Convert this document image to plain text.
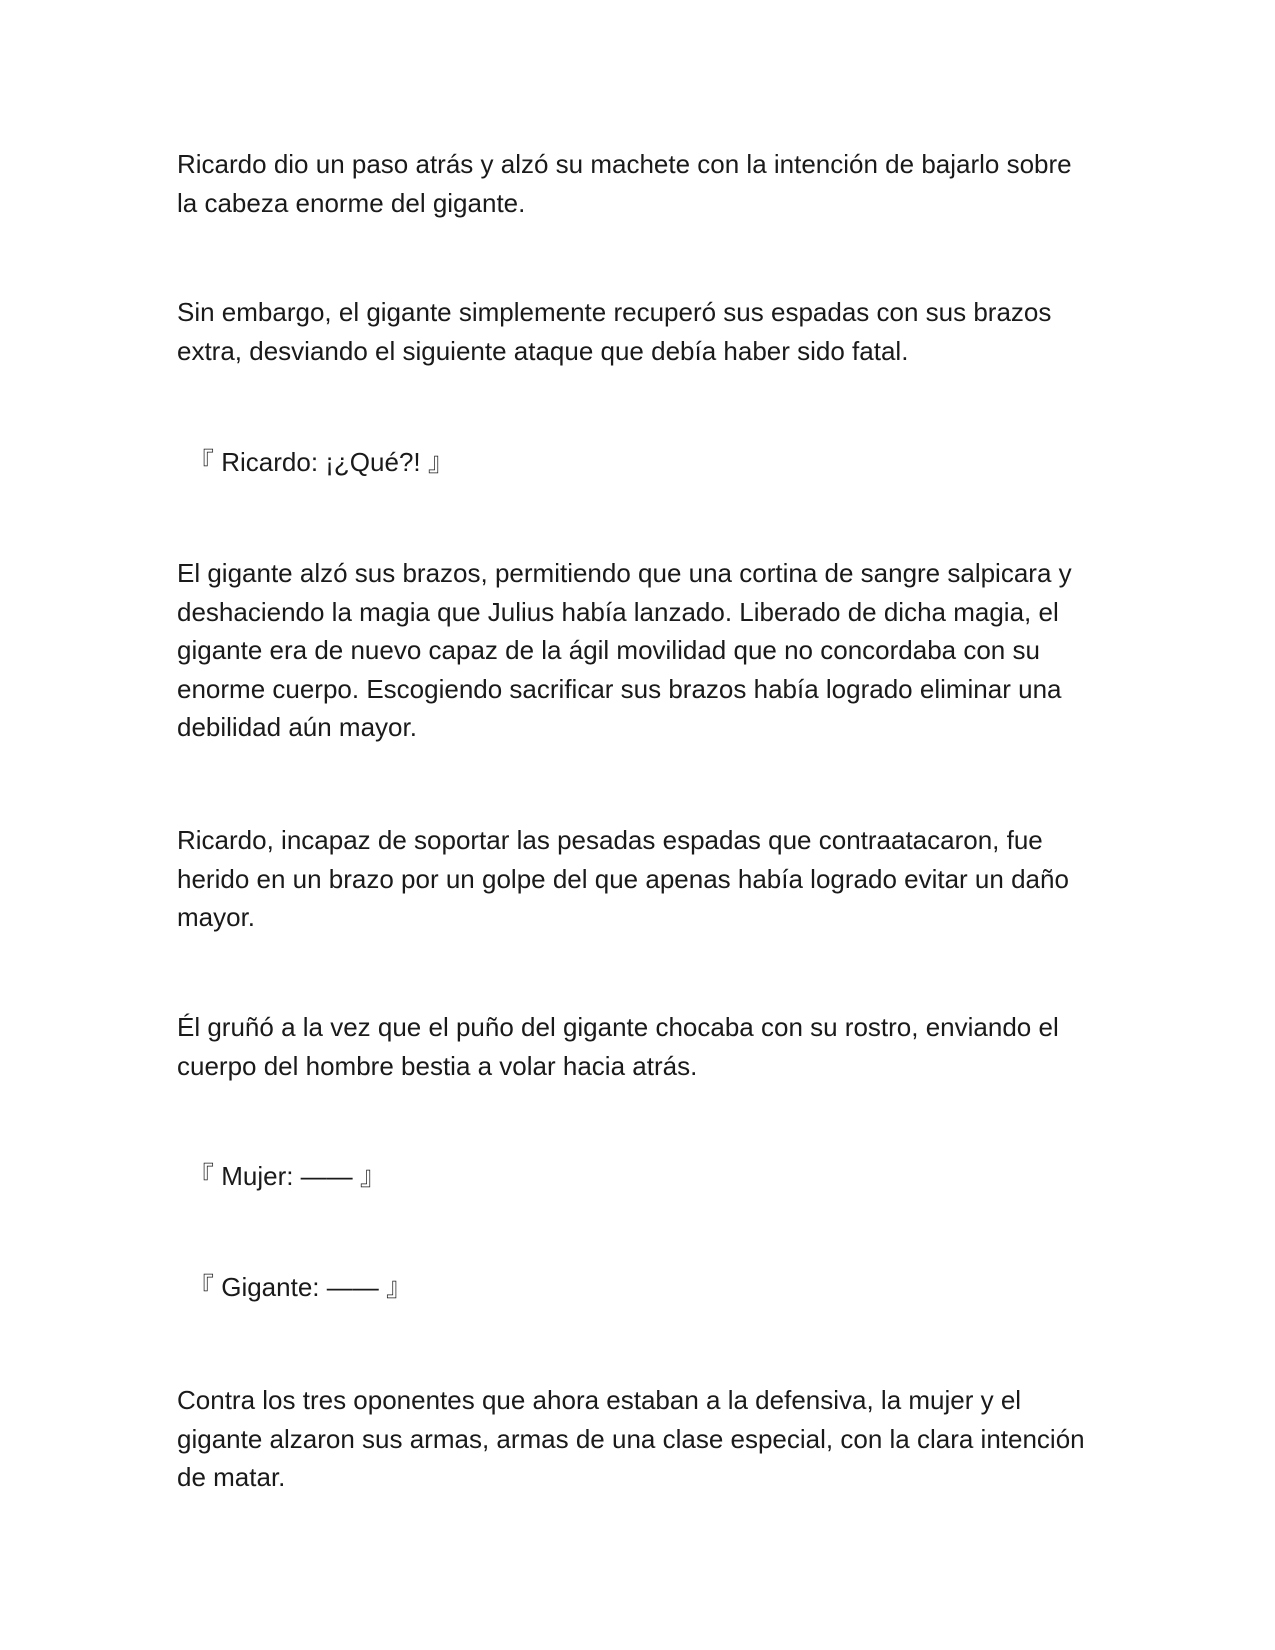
Ricardo dio un paso atrás y alzó su machete con la intención de bajarlo sobre
la cabeza enorme del gigante.

Sin embargo, el gigante simplemente recuperó sus espadas con sus brazos
extra, desviando el siguiente ataque que debía haber sido fatal.

『 Ricardo: ¡¿Qué?! 』

El gigante alzó sus brazos, permitiendo que una cortina de sangre salpicara y
deshaciendo la magia que Julius había lanzado. Liberado de dicha magia, el
gigante era de nuevo capaz de la ágil movilidad que no concordaba con su
enorme cuerpo. Escogiendo sacrificar sus brazos había logrado eliminar una
debilidad aún mayor.

Ricardo, incapaz de soportar las pesadas espadas que contraatacaron, fue
herido en un brazo por un golpe del que apenas había logrado evitar un daño
mayor.

Él gruñó a la vez que el puño del gigante chocaba con su rostro, enviando el
cuerpo del hombre bestia a volar hacia atrás.

『 Mujer: —— 』

『 Gigante: —— 』

Contra los tres oponentes que ahora estaban a la defensiva, la mujer y el
gigante alzaron sus armas, armas de una clase especial, con la clara intención
de matar.
